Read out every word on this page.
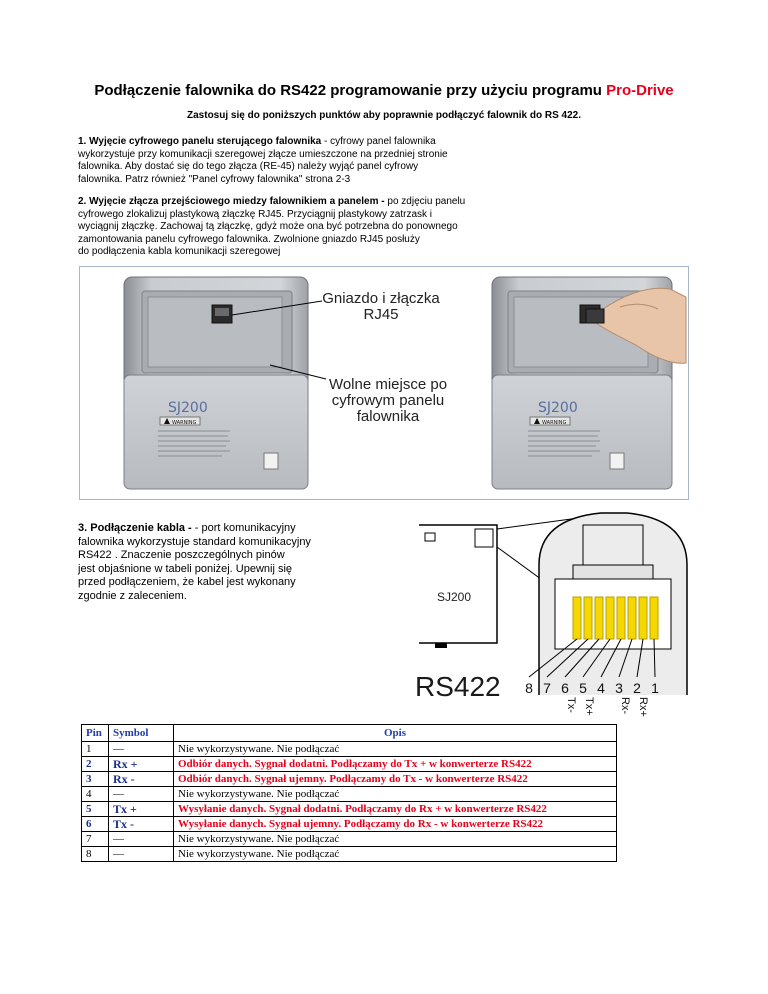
Podłączenie falownika do RS422 programowanie przy użyciu programu Pro-Drive
Zastosuj się do poniższych punktów aby poprawnie podłączyć falownik do RS 422.
1. Wyjęcie cyfrowego panelu sterującego falownika - cyfrowy panel falownika
wykorzystuje przy komunikacji szeregowej złącze umieszczone na przedniej stronie
falownika. Aby dostać się do tego złącza (RE-45) należy wyjąć panel cyfrowy
falownika. Patrz również "Panel cyfrowy falownika" strona 2-3
2. Wyjęcie złącza przejściowego miedzy falownikiem a panelem - po zdjęciu panelu
cyfrowego zlokalizuj plastykową złączkę RJ45. Przyciągnij plastykowy zatrzask i
wyciągnij złączkę. Zachowaj tą złączkę, gdyż może ona być potrzebna do ponownego
zamontowania panelu cyfrowego falownika. Zwolnione gniazdo RJ45 posłuży
do podłączenia kabla komunikacji szeregowej
SJ200
WARNING
SJ200
WARNING
Gniazdo i złączka
RJ45
Wolne miejsce po
cyfrowym panelu
falownika
3. Podłączenie kabla - - port komunikacyjny
falownika wykorzystuje standard komunikacyjny
RS422 . Znaczenie poszczególnych pinów
jest objaśnione w tabeli poniżej. Upewnij się
przed podłączeniem, że kabel jest wykonany
zgodnie z zaleceniem.	SJ200
8 7 6 5 4 3 2 1
Tx- Tx+ Rx- Rx+
RS422
Pin	Symbol	Opis
1	—	Nie wykorzystywane. Nie podłączać
2	Rx +	Odbiór danych. Sygnał dodatni. Podłączamy do Tx + w konwerterze RS422
3	Rx -	Odbiór danych. Sygnał ujemny. Podłączamy do Tx - w konwerterze RS422
4	—	Nie wykorzystywane. Nie podłączać
5	Tx +	Wysyłanie danych. Sygnał dodatni. Podłączamy do Rx + w konwerterze RS422
6	Tx -	Wysyłanie danych. Sygnał ujemny. Podłączamy do Rx - w konwerterze RS422
7	—	Nie wykorzystywane. Nie podłączać
8	—	Nie wykorzystywane. Nie podłączać
